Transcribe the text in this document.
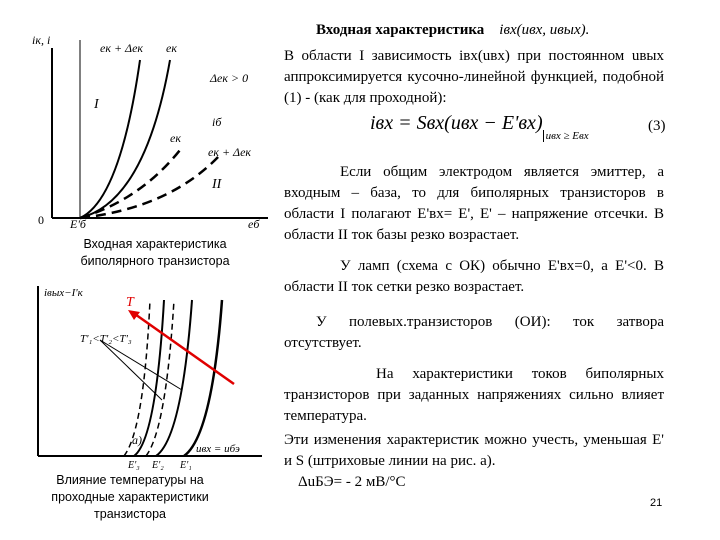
iк, i
0 E'б	eб
eк + Δeк eк
Δeк > 0
I
iб
eк
eк + Δeк
II
Входная характеристика
биполярного транзистора
iвых−I'к
T
T'₁<T'₂<T'₃
E'₃ E'₂ E'₁
uвх = uбэ
а)
Влияние температуры на
проходные характеристики
транзистора
Входная характеристика iвх(uвх, uвых).
В области I зависимость iвх(uвх) при постоянном uвых аппроксимируется кусочно-линейной функцией, подобной (1) - (как для проходной):
iвх = $Sвх(uвх - E'вх)_{uвх \ge Eвх}$
(3)
Если общим электродом является эмиттер, а входным – база, то для биполярных транзисторов в области I полагают E'вх= E', E' – напряжение отсечки. В области II ток базы резко возрастает.
У ламп (схема с ОК) обычно E'вх=0, а E'<0. В области II ток сетки резко возрастает.
У полевых.транзисторов (ОИ): ток затвора отсутствует.
На характеристики токов биполярных транзисторов при заданных напряжениях сильно влияет температура.
Эти изменения характеристик можно учесть, уменьшая E' и S (штриховые линии на рис. а).
ΔuБЭ= - 2 мВ/°С
21
